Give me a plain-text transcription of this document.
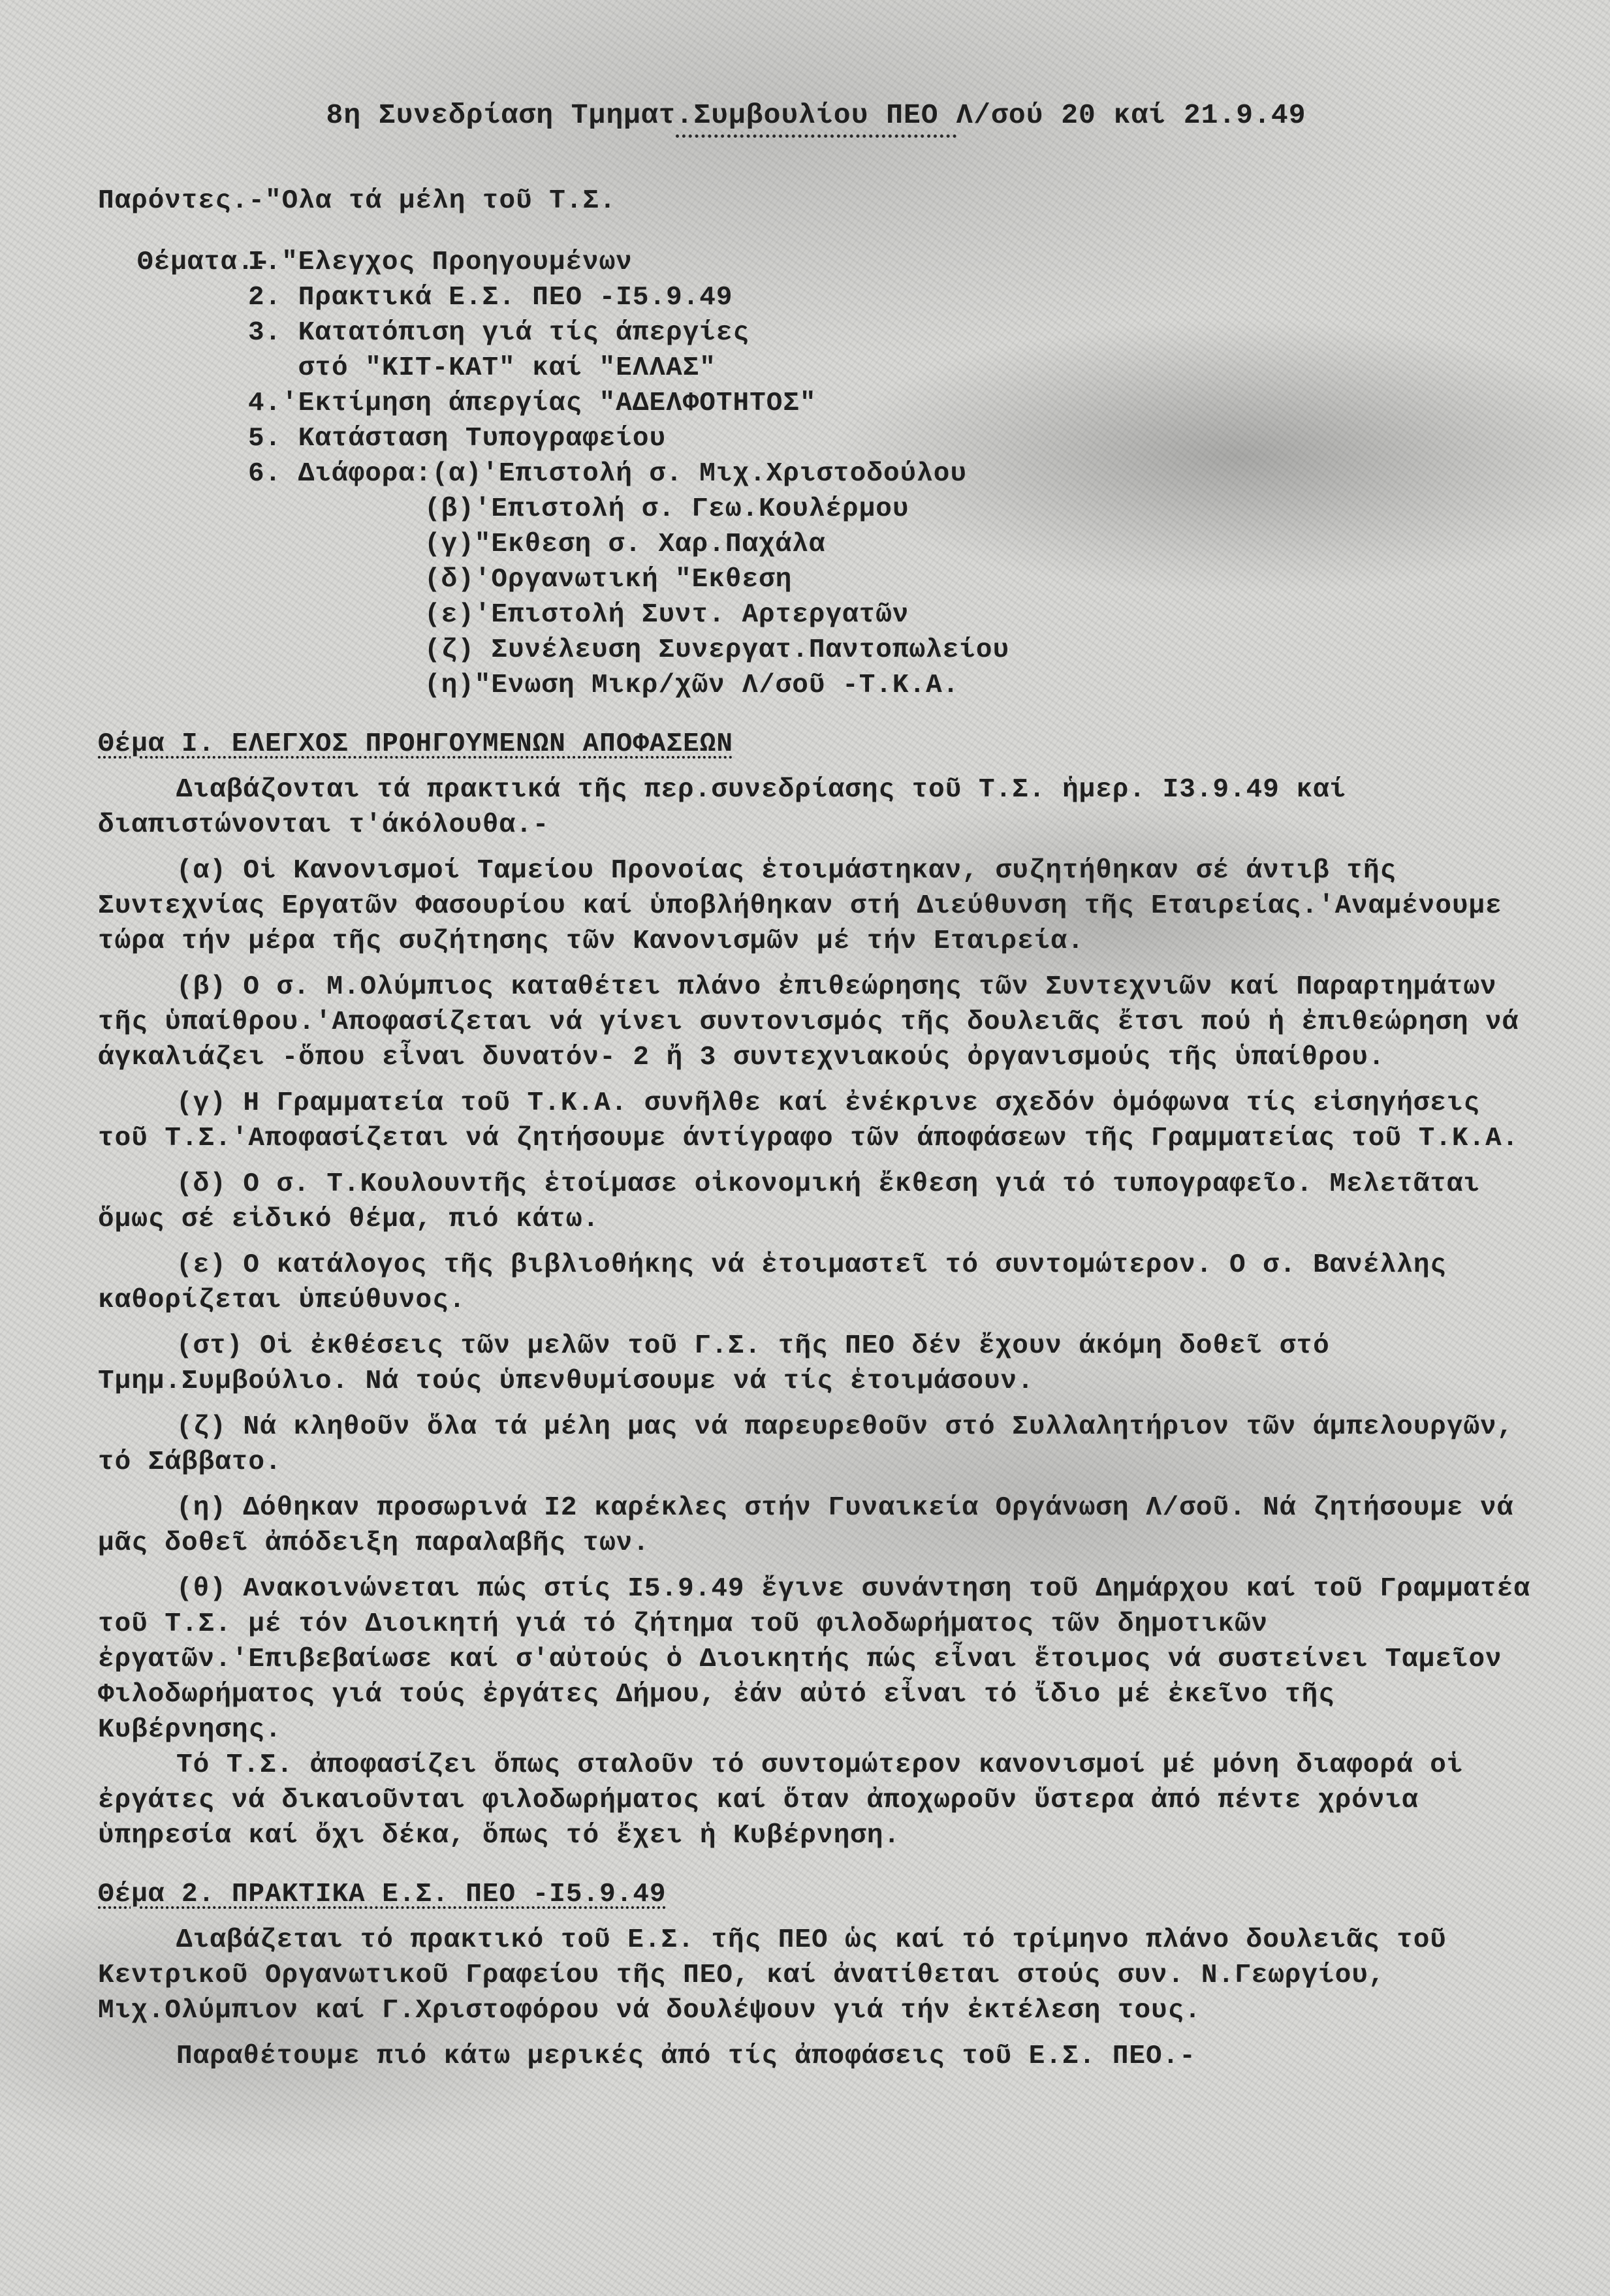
8η Συνεδρίαση Τμηματ.Συμβουλίου ΠΕΟ Λ/σού 20 καί 21.9.49
Παρόντες.-"Ολα τά μέλη τοῦ Τ.Σ.
Θέματα.-
Ι."Ελεγχος Προηγουμένων
2. Πρακτικά Ε.Σ. ΠΕΟ -Ι5.9.49
3. Κατατόπιση γιά τίς άπεργίες
στό "ΚΙΤ-ΚΑΤ" καί "ΕΛΛΑΣ"
4.'Εκτίμηση άπεργίας "ΑΔΕΛΦΟΤΗΤΟΣ"
5. Κατάσταση Τυπογραφείου
6. Διάφορα:(α)'Επιστολή σ. Μιχ.Χριστοδούλου
(β)'Επιστολή σ. Γεω.Κουλέρμου
(γ)"Εκθεση σ. Χαρ.Παχάλα
(δ)'Οργανωτική "Εκθεση
(ε)'Επιστολή Συντ. Αρτεργατῶν
(ζ) Συνέλευση Συνεργατ.Παντοπωλείου
(η)"Ενωση Μικρ/χῶν Λ/σοῦ -Τ.Κ.Α.
Θέμα Ι. ΕΛΕΓΧΟΣ ΠΡΟΗΓΟΥΜΕΝΩΝ ΑΠΟΦΑΣΕΩΝ
Διαβάζονται τά πρακτικά τῆς περ.συνεδρίασης τοῦ Τ.Σ. ἡμερ. Ι3.9.49 καί διαπιστώνονται τ'άκόλουθα.-
(α) Οἱ Κανονισμοί Ταμείου Προνοίας ἑτοιμάστηκαν, συζητήθηκαν σέ άντιβ τῆς Συντεχνίας Εργατῶν Φασουρίου καί ὑποβλήθηκαν στή Διεύθυνση τῆς Εταιρείας.'Αναμένουμε τώρα τήν μέρα τῆς συζήτησης τῶν Κανονισμῶν μέ τήν Εταιρεία.
(β) Ο σ. Μ.Ολύμπιος καταθέτει πλάνο ἐπιθεώρησης τῶν Συντεχνιῶν καί Παραρτημάτων τῆς ὑπαίθρου.'Αποφασίζεται νά γίνει συντονισμός τῆς δουλειᾶς ἔτσι πού ἡ ἐπιθεώρηση νά άγκαλιάζει -ὅπου εἶναι δυνατόν- 2 ἤ 3 συντεχνιακούς ὀργανισμούς τῆς ὑπαίθρου.
(γ) Η Γραμματεία τοῦ Τ.Κ.Α. συνῆλθε καί ἐνέκρινε σχεδόν ὁμόφωνα τίς εἰσηγήσεις τοῦ Τ.Σ.'Αποφασίζεται νά ζητήσουμε άντίγραφο τῶν άποφάσεων τῆς Γραμματείας τοῦ Τ.Κ.Α.
(δ) Ο σ. Τ.Κουλουντῆς ἑτοίμασε οἰκονομική ἔκθεση γιά τό τυπογραφεῖο. Μελετᾶται ὅμως σέ εἰδικό θέμα, πιό κάτω.
(ε) Ο κατάλογος τῆς βιβλιοθήκης νά ἑτοιμαστεῖ τό συντομώτερον. Ο σ. Βανέλλης καθορίζεται ὑπεύθυνος.
(στ) Οἱ ἐκθέσεις τῶν μελῶν τοῦ Γ.Σ. τῆς ΠΕΟ δέν ἔχουν άκόμη δοθεῖ στό Τμημ.Συμβούλιο. Νά τούς ὑπενθυμίσουμε νά τίς ἑτοιμάσουν.
(ζ) Νά κληθοῦν ὅλα τά μέλη μας νά παρευρεθοῦν στό Συλλαλητήριον τῶν άμπελουργῶν, τό Σάββατο.
(η) Δόθηκαν προσωρινά Ι2 καρέκλες στήν Γυναικεία Οργάνωση Λ/σοῦ. Νά ζητήσουμε νά μᾶς δοθεῖ ἀπόδειξη παραλαβῆς των.
(θ) Ανακοινώνεται πώς στίς Ι5.9.49 ἔγινε συνάντηση τοῦ Δημάρχου καί τοῦ Γραμματέα τοῦ Τ.Σ. μέ τόν Διοικητή γιά τό ζήτημα τοῦ φιλοδωρήματος τῶν δημοτικῶν ἐργατῶν.'Επιβεβαίωσε καί σ'αὐτούς ὁ Διοικητής πώς εἶναι ἕτοιμος νά συστείνει Ταμεῖον Φιλοδωρήματος γιά τούς ἐργάτες Δήμου, ἐάν αὐτό εἶναι τό ἴδιο μέ ἐκεῖνο τῆς Κυβέρνησης.
Τό Τ.Σ. ἀποφασίζει ὅπως σταλοῦν τό συντομώτερον κανονισμοί μέ μόνη διαφορά οἱ ἐργάτες νά δικαιοῦνται φιλοδωρήματος καί ὅταν ἀποχωροῦν ὕστερα ἀπό πέντε χρόνια ὑπηρεσία καί ὄχι δέκα, ὅπως τό ἔχει ἡ Κυβέρνηση.
Θέμα 2. ΠΡΑΚΤΙΚΑ Ε.Σ. ΠΕΟ -Ι5.9.49
Διαβάζεται τό πρακτικό τοῦ Ε.Σ. τῆς ΠΕΟ ὡς καί τό τρίμηνο πλάνο δουλειᾶς τοῦ Κεντρικοῦ Οργανωτικοῦ Γραφείου τῆς ΠΕΟ, καί ἀνατίθεται στούς συν. Ν.Γεωργίου, Μιχ.Ολύμπιον καί Γ.Χριστοφόρου νά δουλέψουν γιά τήν ἐκτέλεση τους.
Παραθέτουμε πιό κάτω μερικές ἀπό τίς ἀποφάσεις τοῦ Ε.Σ. ΠΕΟ.-
